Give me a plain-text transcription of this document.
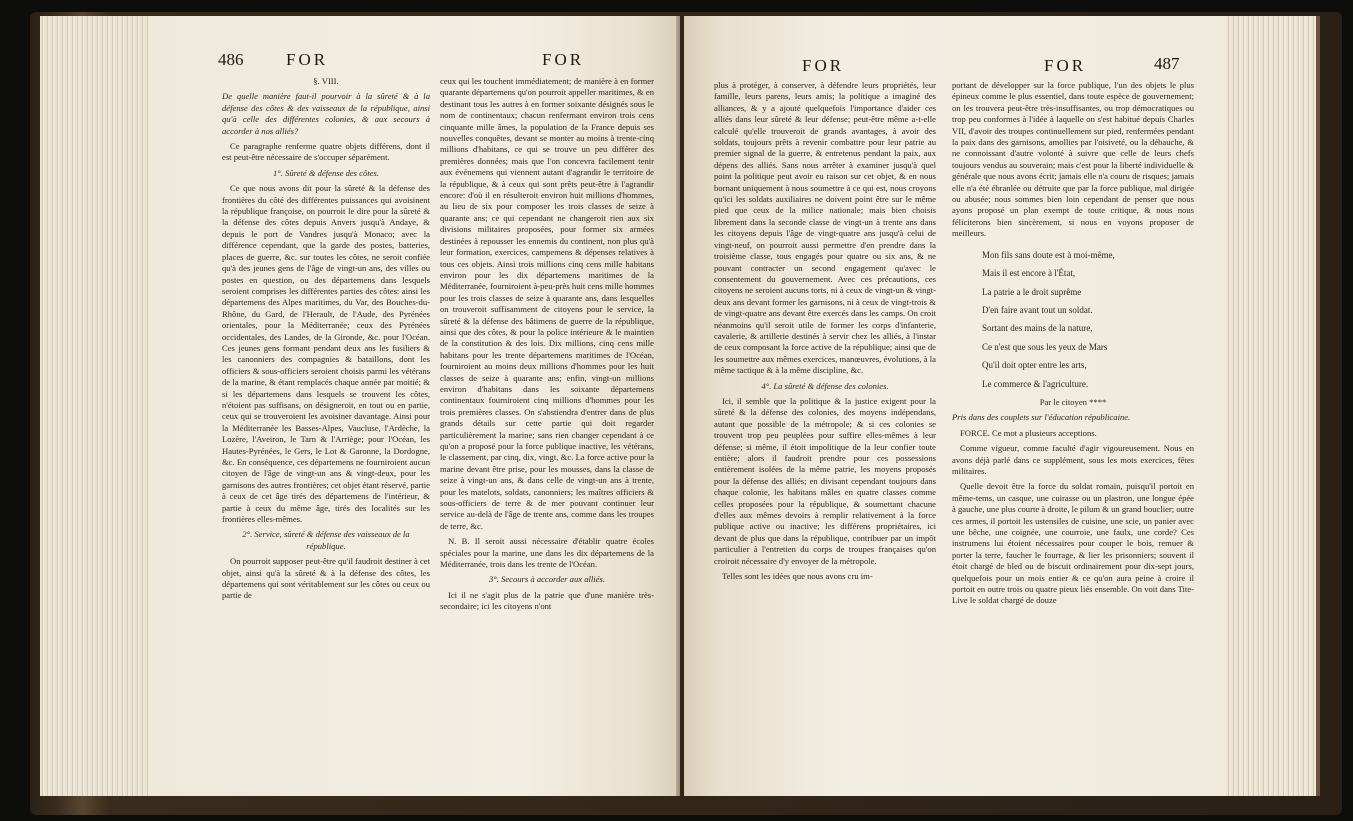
486	FOR	FOR

§. VIII.

De quelle manière faut-il pourvoir à la sûreté & à la défense des côtes & des vaisseaux de la république, ainsi qu'à celle des différentes colonies, & aux secours à accorder à nos alliés?

Ce paragraphe renferme quatre objets différens, dont il est peut-être nécessaire de s'occuper séparément.

1°. Sûreté & défense des côtes.

Ce que nous avons dit pour la sûreté & la défense des frontières du côté des différentes puissances qui avoisinent la république françoise, on pourroit le dire pour la sûreté & la défense des côtes depuis Anvers jusqu'à Andaye, & depuis le port de Vandres jusqu'à Monaco; avec la différence cependant, que la garde des postes, batteries, places de guerre, &c. sur toutes les côtes, ne seroit confiée qu'à des jeunes gens de l'âge de vingt-un ans, des villes ou postes en question, ou des départemens dans lesquels seroient comprises les différentes parties des côtes: ainsi les départemens des Alpes maritimes, du Var, des Bouches-du-Rhône, du Gard, de l'Herault, de l'Aude, des Pyrénées orientales, pour la Méditerranée; ceux des Pyrénées occidentales, des Landes, de la Gironde, &c. pour l'Océan. Ces jeunes gens formant pendant deux ans les fusiliers & les canonniers des compagnies & bataillons, dont les officiers & sous-officiers seroient choisis parmi les vétérans de la marine, & étant remplacés chaque année par moitié; & si les départemens dans lesquels se trouvent les côtes, n'étoient pas suffisans, on désigneroit, en tout ou en partie, ceux qui se trouveroient les avoisiner davantage. Ainsi pour la Méditerranée les Basses-Alpes, Vaucluse, l'Ardèche, la Lozère, l'Aveiron, le Tarn & l'Arriège; pour l'Océan, les Hautes-Pyrénées, le Gers, le Lot & Garonne, la Dordogne, &c. En conséquence, ces départemens ne fourniroient aucun citoyen de l'âge de vingt-un ans & vingt-deux, pour les garnisons des autres frontières; cet objet étant réservé, partie à ceux de cet âge tirés des départemens de l'intérieur, & partie à ceux du même âge, tirés des localités sur les frontières elles-mêmes.

2°. Service, sûreté & défense des vaisseaux de la république.

On pourroit supposer peut-être qu'il faudroit destiner à cet objet, ainsi qu'à la sûreté & à la défense des côtes, les départemens qui sont véritablement sur les côtes ou ceux ou partie de

ceux qui les touchent immédiatement; de manière à en former quarante départemens qu'on pourroit appeller maritimes, & en destinant tous les autres à en former soixante désignés sous le nom de continentaux; chacun renfermant environ trois cens cinquante mille âmes, la population de la France depuis ses nouvelles conquêtes, devant se monter au moins à trente-cinq millions d'habitans, ce qui se trouve un peu différer des premières données; mais que l'on concevra facilement tenir aux événemens qui viennent autant d'agrandir le territoire de la république, & à ceux qui sont prêts peut-être à l'agrandir encore: d'où il en résulteroit environ huit millions d'hommes, au lieu de six pour composer les trois classes de seize à quarante ans; ce qui cependant ne changeroit rien aux six divisions militaires proposées, pour former six armées destinées à repousser les ennemis du continent, non plus qu'à leur formation, exercices, campemens & dépenses relatives à tous ces objets. Ainsi trois millions cinq cens mille habitans environ pour les dix départemens maritimes de la Méditerranée, fourniroient à-peu-près huit cens mille hommes pour les trois classes de seize à quarante ans, dans lesquelles on trouveroit suffisamment de citoyens pour le service, la sûreté & la défense des bâtimens de guerre de la république, ainsi que des côtes, & pour la police intérieure & le maintien de la constitution & des lois. Dix millions, cinq cens mille habitans pour les trente départemens maritimes de l'Océan, fourniroient au moins deux millions d'hommes pour les huit classes de seize à quarante ans; enfin, vingt-un millions environ d'habitans dans les soixante départemens continentaux fourniroient cinq millions d'hommes pour les trois premières classes. On s'abstiendra d'entrer dans de plus grands détails sur cette partie qui doit regarder particulièrement la marine; sans rien changer cependant à ce qu'on a proposé pour la force publique inactive, les vétérans, le classement, par cinq, dix, vingt, &c. La force active pour la marine devant être prise, pour les mousses, dans la classe de seize à vingt-un ans, & dans celle de vingt-un ans à trente, pour les matelots, soldats, canonniers; les maîtres officiers & sous-officiers de terre & de mer pouvant continuer leur service au-delà de l'âge de trente ans, comme dans les troupes de terre, &c.

N. B. Il seroit aussi nécessaire d'établir quatre écoles spéciales pour la marine, une dans les dix départemens de la Méditerranée, trois dans les trente de l'Océan.

3°. Secours à accorder aux alliés.

Ici il ne s'agit plus de la patrie que d'une manière très-secondaire; ici les citoyens n'ont

FOR	FOR	487

plus à protéger, à conserver, à défendre leurs propriétés, leur famille, leurs parens, leurs amis; la politique a imaginé des alliances, & y a ajouté quelquefois l'importance d'aider ces alliés dans leur sûreté & leur défense; peut-être même a-t-elle calculé qu'elle trouveroit de grands avantages, à avoir des soldats, toujours prêts à revenir combattre pour leur patrie au premier signal de la guerre, & entretenus pendant la paix, aux dépens des alliés. Sans nous arrêter à examiner jusqu'à quel point la politique peut avoir eu raison sur cet objet, & en nous bornant uniquement à nous soumettre à ce qui est, nous croyons qu'ici les soldats auxiliaires ne doivent point être sur le même pied que ceux de la milice nationale; mais bien choisis librement dans la seconde classe de vingt-un à trente ans dans les citoyens depuis l'âge de vingt-quatre ans jusqu'à celui de vingt-neuf, on pourroit aussi permettre d'en prendre dans la troisième classe, tous engagés pour quatre ou six ans, & ne pouvant contracter un second engagement qu'avec le consentement du gouvernement. Avec ces précautions, ces citoyens ne seroient aucuns torts, ni à ceux de vingt-un & vingt-deux ans devant former les garnisons, ni à ceux de vingt-trois & de vingt-quatre ans devant être exercés dans les camps. On croit néanmoins qu'il seroit utile de former les corps d'infanterie, cavalerie, & artillerie destinés à servir chez les alliés, à l'instar de ceux composant la force active de la république; ainsi que de les soumettre aux mêmes exercices, manœuvres, évolutions, à la même tactique & à la même discipline, &c.

4°. La sûreté & défense des colonies.

Ici, il semble que la politique & la justice exigent pour la sûreté & la défense des colonies, des moyens indépendans, autant que possible de la métropole; & si ces colonies se trouvent trop peu peuplées pour suffire elles-mêmes à leur défense; si même, il étoit impolitique de la leur confier toute entière; alors il faudroit prendre pour ces possessions entièrement isolées de la même patrie, les moyens proposés pour la défense des alliés; en divisant cependant toujours dans chaque colonie, les habitans mâles en quatre classes comme celles proposées pour la république, & soumettant chacune d'elles aux mêmes devoirs à remplir relativement à la force publique active ou inactive; les différens propriétaires, ici devant de plus que dans la république, contribuer par un impôt particulier à l'entretien du corps de troupes françaises qu'on croiroit nécessaire d'y envoyer de la métropole.

Telles sont les idées que nous avons cru im-

portant de développer sur la force publique, l'un des objets le plus épineux comme le plus essentiel, dans toute espèce de gouvernement; on les trouvera peut-être très-insuffisantes, ou trop démocratiques ou trop peu conformes à l'idée à laquelle on s'est habitué depuis Charles VII, d'avoir des troupes continuellement sur pied, renfermées pendant la paix dans des garnisons, amollies par l'oisiveté, ou la débauche, & ne connoissant d'autre volonté à suivre que celle de leurs chefs toujours vendus au souverain; mais c'est pour la liberté individuelle & générale que nous avons écrit; jamais elle n'a couru de risques; jamais elle n'a été ébranlée ou détruite que par la force publique, mal dirigée ou abusée; nous sommes bien loin cependant de penser que nous ayons proposé un plan exempt de toute critique, & nous nous féliciterons bien sincèrement, si nous en voyons proposer de meilleurs.

Mon fils sans doute est à moi-même,

Mais il est encore à l'État,

La patrie a le droit suprême

D'en faire avant tout un soldat.

Sortant des mains de la nature,

Ce n'est que sous les yeux de Mars

Qu'il doit opter entre les arts,

Le commerce & l'agriculture.

Par le citoyen ****

Pris dans des couplets sur l'éducation républicaine.

FORCE. Ce mot a plusieurs acceptions.

Comme vigueur, comme faculté d'agir vigoureusement. Nous en avons déjà parlé dans ce supplément, sous les mots exercices, fêtes militaires.

Quelle devoit être la force du soldat romain, puisqu'il portoit en même-tems, un casque, une cuirasse ou un plastron, une longue épée à gauche, une plus courte à droite, le pilum & un grand bouclier; outre ces armes, il portoit les ustensiles de cuisine, une scie, un panier avec une bêche, une coignée, une courroie, une faulx, une corde? Ces instrumens lui étoient nécessaires pour couper le bois, remuer & porter la terre, faucher le fourrage, & lier les prisonniers; souvent il étoit chargé de bled ou de biscuit ordinairement pour dix-sept jours, quelquefois pour un mois entier & ce qu'on aura peine à croire il portoit en outre trois ou quatre pieux liés ensemble. On voit dans Tite-Live le soldat chargé de douze
